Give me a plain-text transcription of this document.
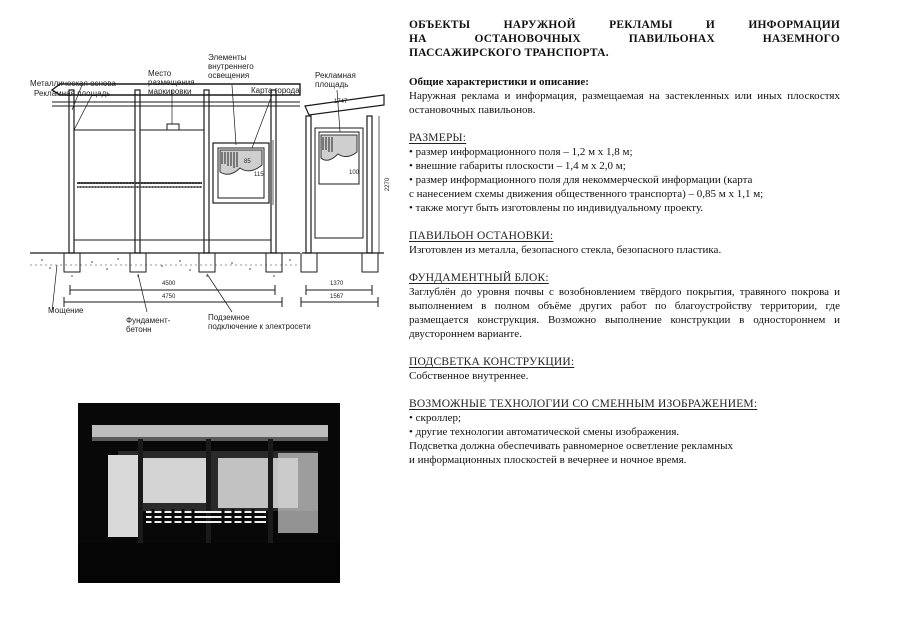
Металлическая основа
Рекламная площадь
Место
размещения
маркировки
Элементы
внутреннего
освещения
Карта города
Рекламная
площадь
Мощение
Фундамент-
бетонн
Подземное
подключение к электросети
4500
4750
1370
1567
1747
2270
115	100
85
ОБЪЕКТЫ НАРУЖНОЙ РЕКЛАМЫ И ИНФОРМАЦИИ
НА ОСТАНОВОЧНЫХ ПАВИЛЬОНАХ НАЗЕМНОГО
ПАССАЖИРСКОГО ТРАНСПОРТА.
Общие характеристики и описание:

Наружная реклама и информация, размещаемая на застекленных или иных плоскостях остановочных павильонов.

РАЗМЕРЫ:
• размер информационного поля – 1,2 м х 1,8 м;
• внешние габариты плоскости – 1,4 м х 2,0 м;
• размер информационного поля для некоммерческой информации (карта
с нанесением схемы движения общественного транспорта) – 0,85 м х 1,1 м;
• также могут быть изготовлены по индивидуальному проекту.
ПАВИЛЬОН ОСТАНОВКИ:

Изготовлен из металла, безопасного стекла, безопасного пластика.

ФУНДАМЕНТНЫЙ БЛОК:

Заглублён до уровня почвы с возобновлением твёрдого покрытия, травяного покрова и выполнением в полном объёме других работ по благоустройству территории, где размещается конструкция. Возможно выполнение конструкции в одностороннем и двустороннем варианте.

ПОДСВЕТКА КОНСТРУКЦИИ:

Собственное внутреннее.

ВОЗМОЖНЫЕ ТЕХНОЛОГИИ СО СМЕННЫМ ИЗОБРАЖЕНИЕМ:
• скроллер;
• другие технологии автоматической смены изображения.
Подсветка должна обеспечивать равномерное осветление рекламных
и информационных плоскостей в вечернее и ночное время.
